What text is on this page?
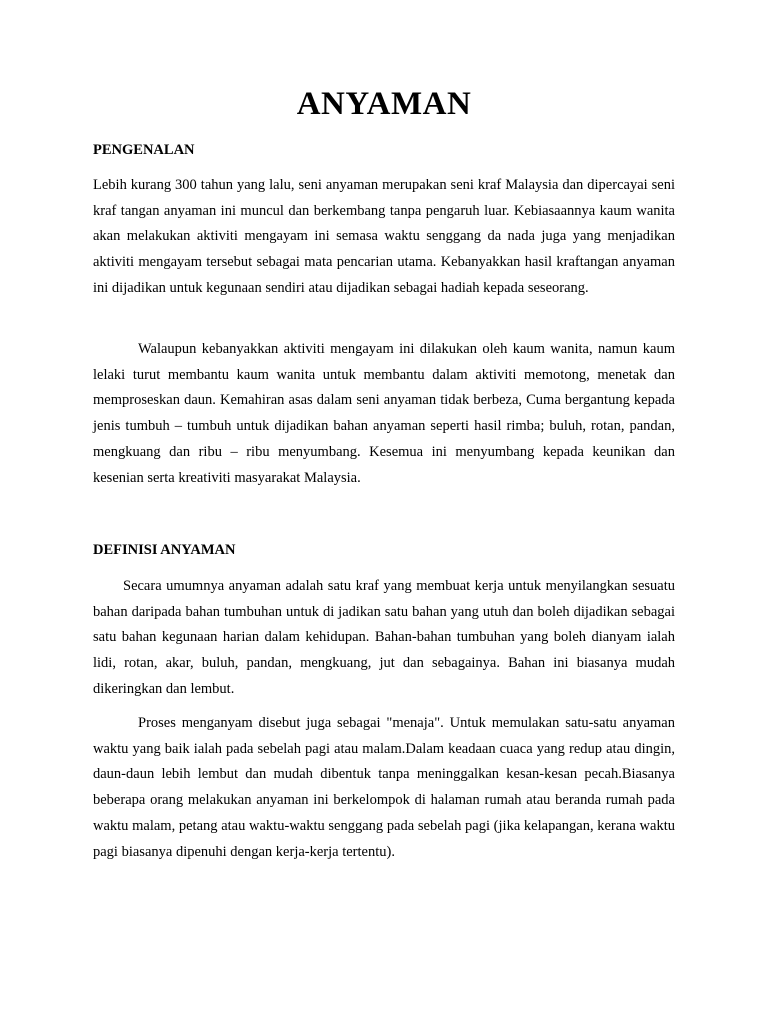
ANYAMAN
PENGENALAN

Lebih kurang 300 tahun yang lalu, seni anyaman merupakan seni kraf Malaysia dan dipercayai seni kraf tangan anyaman ini muncul dan berkembang tanpa pengaruh luar. Kebiasaannya kaum wanita akan melakukan aktiviti mengayam ini semasa waktu senggang da nada juga yang menjadikan aktiviti mengayam tersebut sebagai mata pencarian utama. Kebanyakkan hasil kraftangan anyaman ini dijadikan untuk kegunaan sendiri atau dijadikan sebagai hadiah kepada seseorang.

Walaupun kebanyakkan aktiviti mengayam ini dilakukan oleh kaum wanita, namun kaum lelaki turut membantu kaum wanita untuk membantu dalam aktiviti memotong, menetak dan memproseskan daun. Kemahiran asas dalam seni anyaman tidak berbeza, Cuma bergantung kepada jenis tumbuh – tumbuh untuk dijadikan bahan anyaman seperti hasil rimba; buluh, rotan, pandan, mengkuang dan ribu – ribu menyumbang. Kesemua ini menyumbang kepada keunikan dan kesenian serta kreativiti masyarakat Malaysia.

DEFINISI ANYAMAN

Secara umumnya anyaman adalah satu kraf yang membuat kerja untuk menyilangkan sesuatu bahan daripada bahan tumbuhan untuk di jadikan satu bahan yang utuh dan boleh dijadikan sebagai satu bahan kegunaan harian dalam kehidupan. Bahan-bahan tumbuhan yang boleh dianyam ialah lidi, rotan, akar, buluh, pandan, mengkuang, jut dan sebagainya. Bahan ini biasanya mudah dikeringkan dan lembut.

Proses menganyam disebut juga sebagai "menaja". Untuk memulakan satu-satu anyaman waktu yang baik ialah pada sebelah pagi atau malam.Dalam keadaan cuaca yang redup atau dingin, daun-daun lebih lembut dan mudah dibentuk tanpa meninggalkan kesan-kesan pecah.Biasanya beberapa orang melakukan anyaman ini berkelompok di halaman rumah atau beranda rumah pada waktu malam, petang atau waktu-waktu senggang pada sebelah pagi (jika kelapangan, kerana waktu pagi biasanya dipenuhi dengan kerja-kerja tertentu).
